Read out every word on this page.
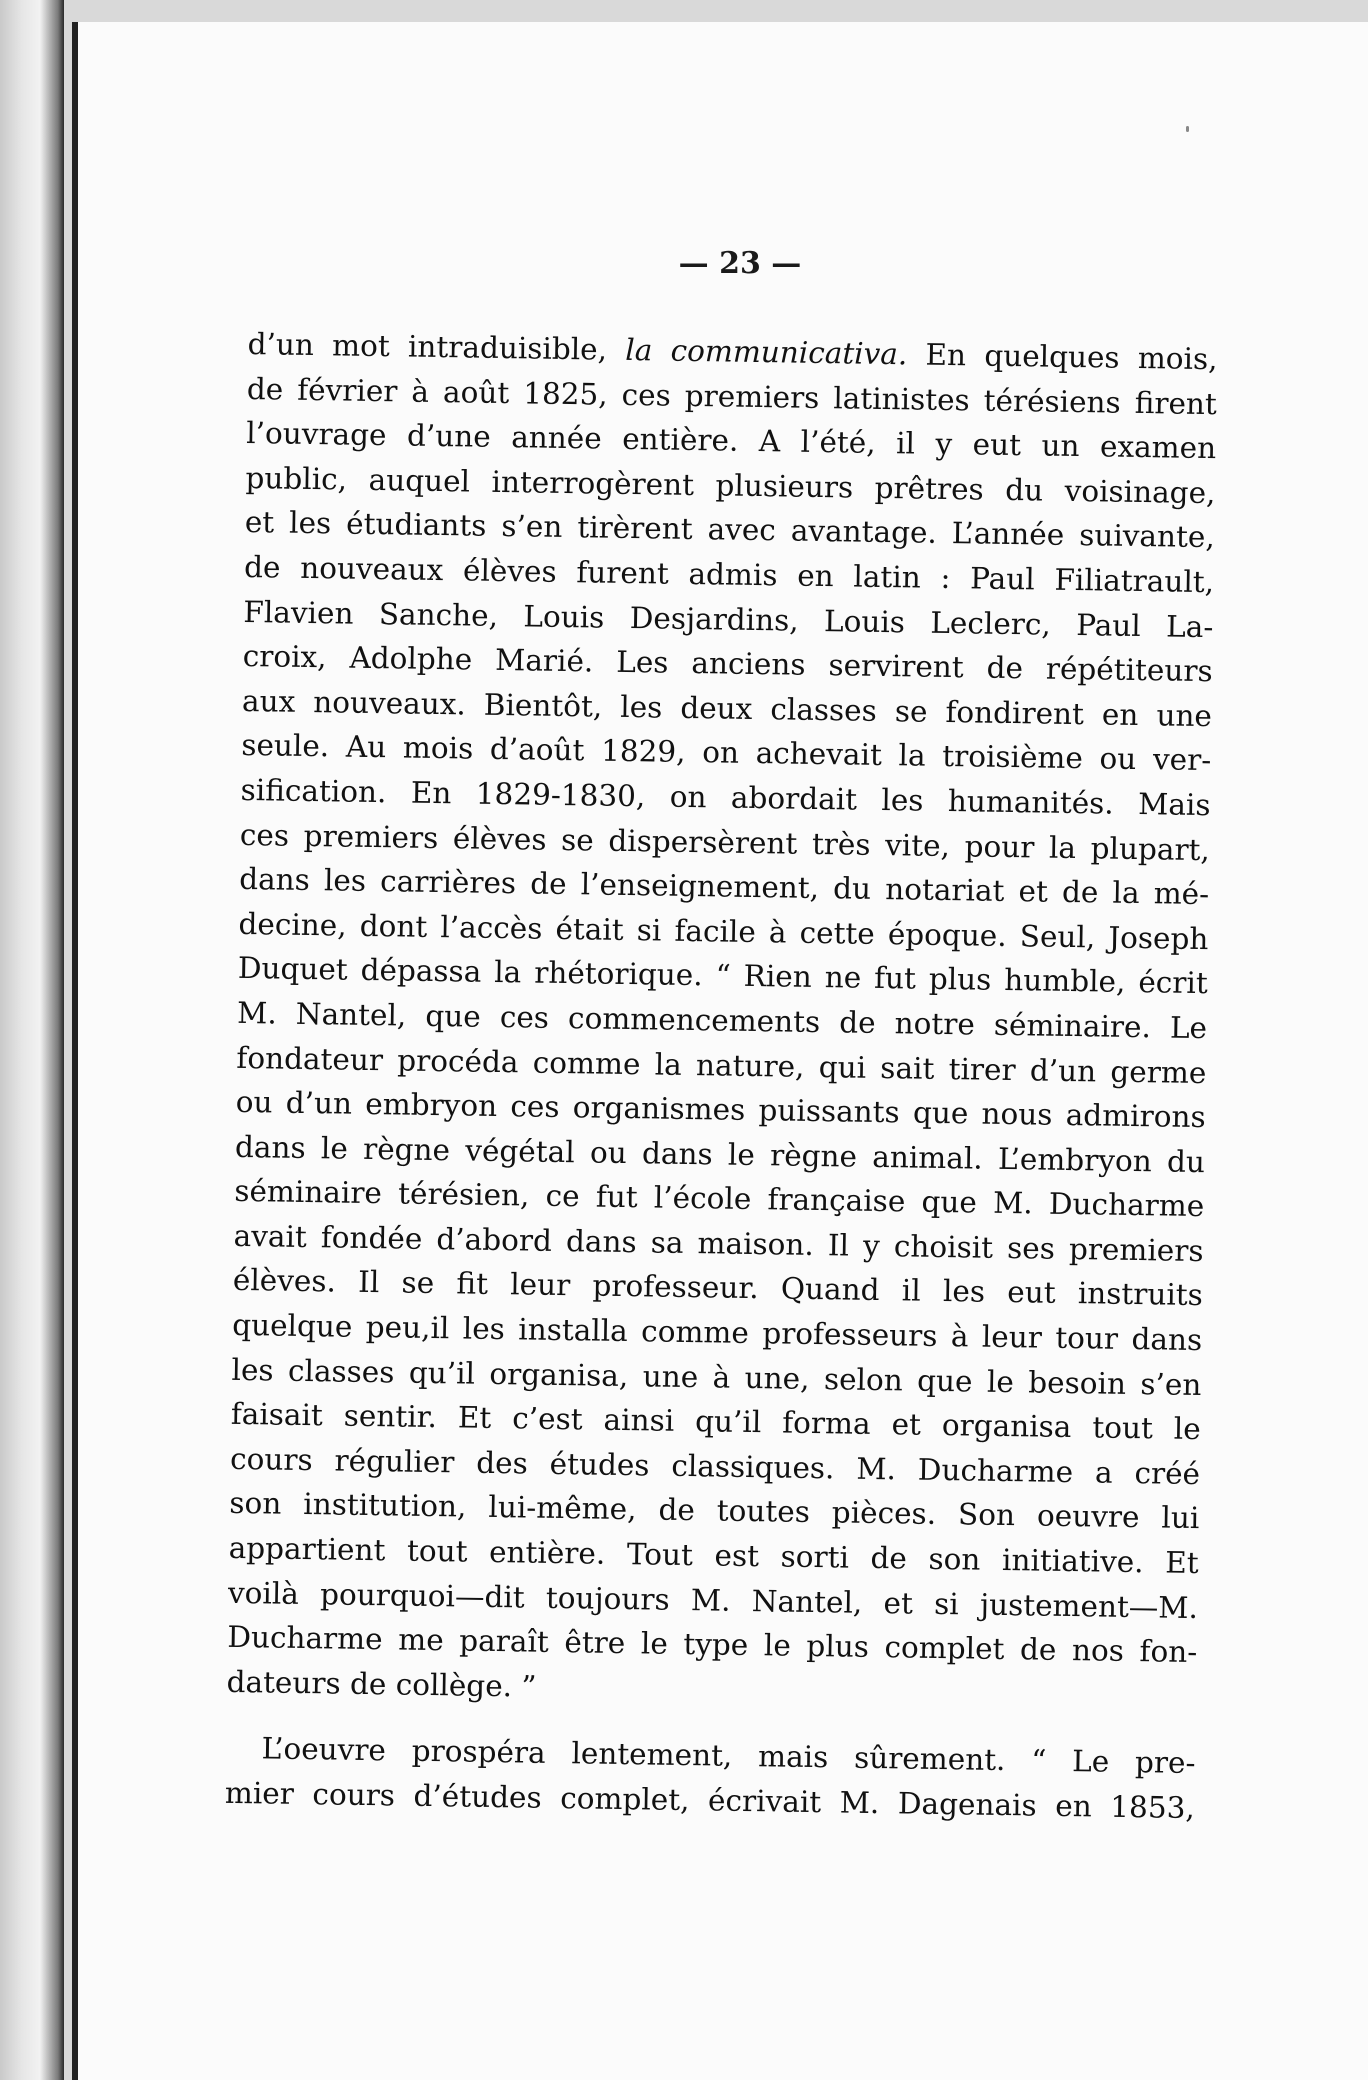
— 23 —
d’un mot intraduisible, la communicativa. En quelques mois,
de février à août 1825, ces premiers latinistes térésiens firent
l’ouvrage d’une année entière. A l’été, il y eut un examen
public, auquel interrogèrent plusieurs prêtres du voisinage,
et les étudiants s’en tirèrent avec avantage. L’année suivante,
de nouveaux élèves furent admis en latin : Paul Filiatrault,
Flavien Sanche, Louis Desjardins, Louis Leclerc, Paul La-
croix, Adolphe Marié. Les anciens servirent de répétiteurs
aux nouveaux. Bientôt, les deux classes se fondirent en une
seule. Au mois d’août 1829, on achevait la troisième ou ver-
sification. En 1829-1830, on abordait les humanités. Mais
ces premiers élèves se dispersèrent très vite, pour la plupart,
dans les carrières de l’enseignement, du notariat et de la mé-
decine, dont l’accès était si facile à cette époque. Seul, Joseph
Duquet dépassa la rhétorique. “ Rien ne fut plus humble, écrit
M. Nantel, que ces commencements de notre séminaire. Le
fondateur procéda comme la nature, qui sait tirer d’un germe
ou d’un embryon ces organismes puissants que nous admirons
dans le règne végétal ou dans le règne animal. L’embryon du
séminaire térésien, ce fut l’école française que M. Ducharme
avait fondée d’abord dans sa maison. Il y choisit ses premiers
élèves. Il se fit leur professeur. Quand il les eut instruits
quelque peu,il les installa comme professeurs à leur tour dans
les classes qu’il organisa, une à une, selon que le besoin s’en
faisait sentir. Et c’est ainsi qu’il forma et organisa tout le
cours régulier des études classiques. M. Ducharme a créé
son institution, lui-même, de toutes pièces. Son oeuvre lui
appartient tout entière. Tout est sorti de son initiative. Et
voilà pourquoi—dit toujours M. Nantel, et si justement—M.
Ducharme me paraît être le type le plus complet de nos fon-
dateurs de collège. ”
L’oeuvre prospéra lentement, mais sûrement. “ Le pre-
mier cours d’études complet, écrivait M. Dagenais en 1853,
